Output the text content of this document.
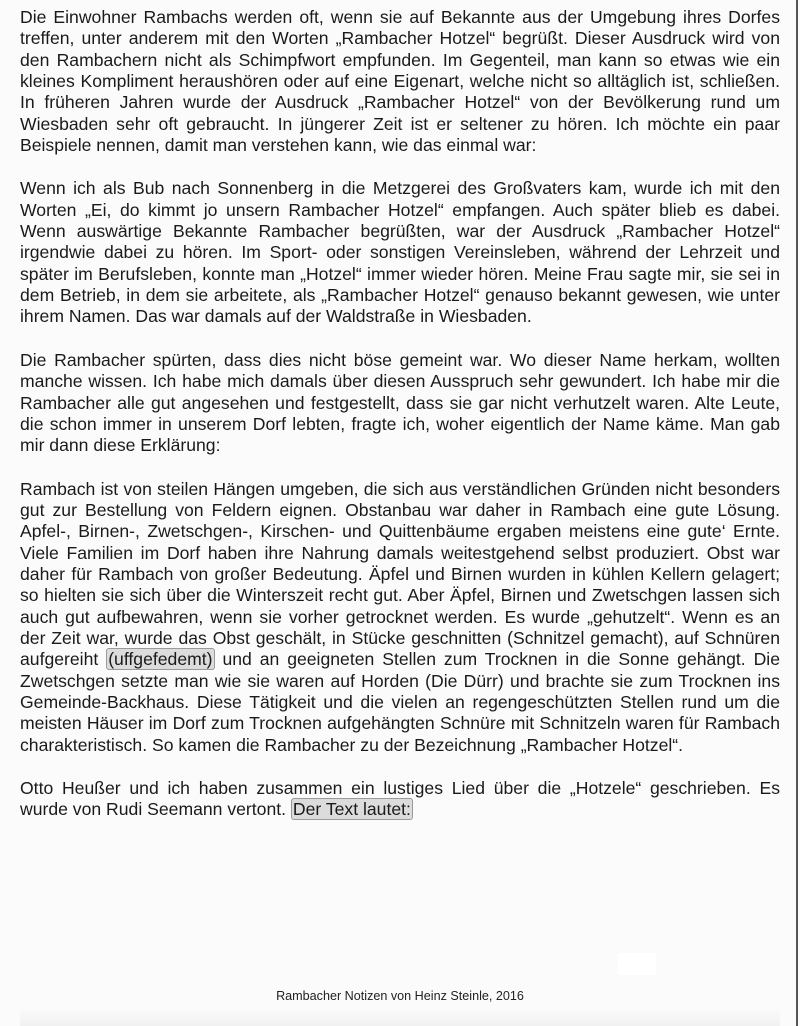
Die Einwohner Rambachs werden oft, wenn sie auf Bekannte aus der Umgebung ihres Dorfes treffen, unter anderem mit den Worten „Rambacher Hotzel“ begrüßt. Dieser Ausdruck wird von den Rambachern nicht als Schimpfwort empfunden. Im Gegenteil, man kann so etwas wie ein kleines Kompliment heraushören oder auf eine Eigenart, welche nicht so alltäglich ist, schließen. In früheren Jahren wurde der Ausdruck „Rambacher Hotzel“ von der Bevölkerung rund um Wiesbaden sehr oft gebraucht. In jüngerer Zeit ist er seltener zu hören. Ich möchte ein paar Beispiele nennen, damit man verstehen kann, wie das einmal war:

Wenn ich als Bub nach Sonnenberg in die Metzgerei des Großvaters kam, wurde ich mit den Worten „Ei, do kimmt jo unsern Rambacher Hotzel“ empfangen. Auch später blieb es dabei. Wenn auswärtige Bekannte Rambacher begrüßten, war der Ausdruck „Rambacher Hotzel“ irgendwie dabei zu hören. Im Sport- oder sonstigen Vereinsleben, während der Lehrzeit und später im Berufsleben, konnte man „Hotzel“ immer wieder hören. Meine Frau sagte mir, sie sei in dem Betrieb, in dem sie arbeitete, als „Rambacher Hotzel“ genauso bekannt gewesen, wie unter ihrem Namen. Das war damals auf der Waldstraße in Wiesbaden.

Die Rambacher spürten, dass dies nicht böse gemeint war. Wo dieser Name herkam, wollten manche wissen. Ich habe mich damals über diesen Ausspruch sehr gewundert. Ich habe mir die Rambacher alle gut angesehen und festgestellt, dass sie gar nicht verhutzelt waren. Alte Leute, die schon immer in unserem Dorf lebten, fragte ich, woher eigentlich der Name käme. Man gab mir dann diese Erklärung:

Rambach ist von steilen Hängen umgeben, die sich aus verständlichen Gründen nicht besonders gut zur Bestellung von Feldern eignen. Obstanbau war daher in Rambach eine gute Lösung. Apfel-, Birnen-, Zwetschgen-, Kirschen- und Quittenbäume ergaben meistens eine gute‘ Ernte. Viele Familien im Dorf haben ihre Nahrung damals weitestgehend selbst produziert. Obst war daher für Rambach von großer Bedeutung. Äpfel und Birnen wurden in kühlen Kellern gelagert; so hielten sie sich über die Winterszeit recht gut. Aber Äpfel, Birnen und Zwetschgen lassen sich auch gut aufbewahren, wenn sie vorher getrocknet werden. Es wurde „gehutzelt“. Wenn es an der Zeit war, wurde das Obst geschält, in Stücke geschnitten (Schnitzel gemacht), auf Schnüren aufgereiht (uffgefedemt) und an geeigneten Stellen zum Trocknen in die Sonne gehängt. Die Zwetschgen setzte man wie sie waren auf Horden (Die Dürr) und brachte sie zum Trocknen ins Gemeinde-Backhaus. Diese Tätigkeit und die vielen an regengeschützten Stellen rund um die meisten Häuser im Dorf zum Trocknen aufgehängten Schnüre mit Schnitzeln waren für Rambach charakteristisch. So kamen die Rambacher zu der Bezeichnung „Rambacher Hotzel“.

Otto Heußer und ich haben zusammen ein lustiges Lied über die „Hotzele“ geschrieben. Es wurde von Rudi Seemann vertont. Der Text lautet:

Rambacher Notizen von Heinz Steinle, 2016
